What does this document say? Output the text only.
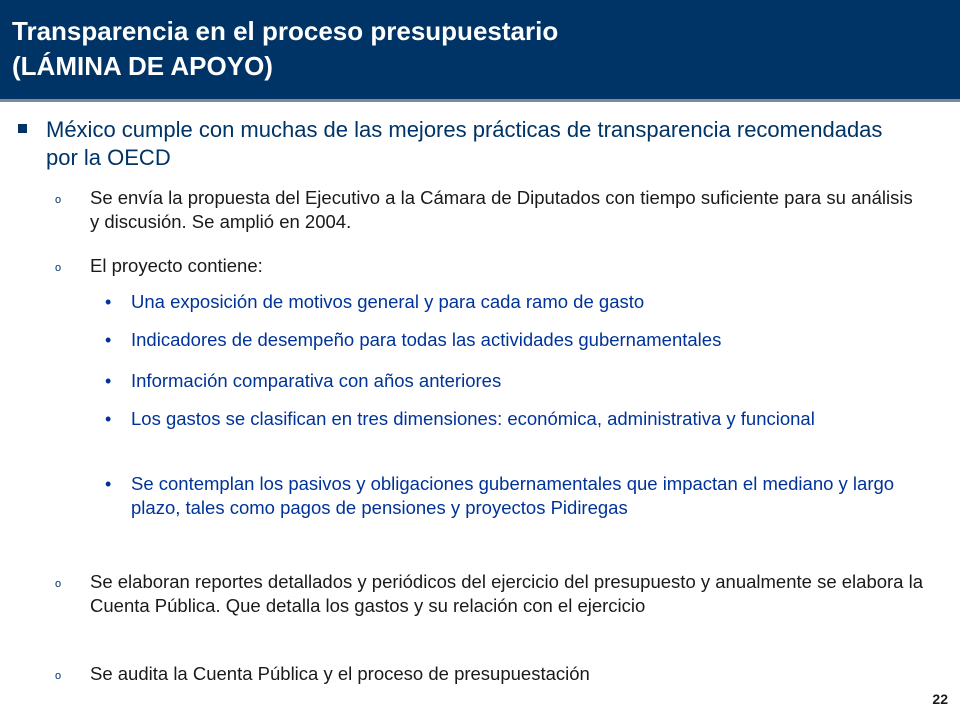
Transparencia en el proceso presupuestario
(LÁMINA DE APOYO)
México cumple con muchas de las mejores prácticas de transparencia recomendadas por la OECD
o Se envía la propuesta del Ejecutivo a la Cámara de Diputados con tiempo suficiente para su análisis y discusión. Se amplió en 2004.
o El proyecto contiene:
• Una exposición de motivos general y para cada ramo de gasto
• Indicadores de desempeño para todas las actividades gubernamentales
• Información comparativa con años anteriores
• Los gastos se clasifican en tres dimensiones: económica, administrativa y funcional
• Se contemplan los pasivos y obligaciones gubernamentales que impactan el mediano y largo plazo, tales como pagos de pensiones y proyectos Pidiregas
o Se elaboran reportes detallados y periódicos del ejercicio del presupuesto y anualmente se elabora la Cuenta Pública. Que detalla los gastos y su relación con el ejercicio
o Se audita la Cuenta Pública y el proceso de presupuestación
22
